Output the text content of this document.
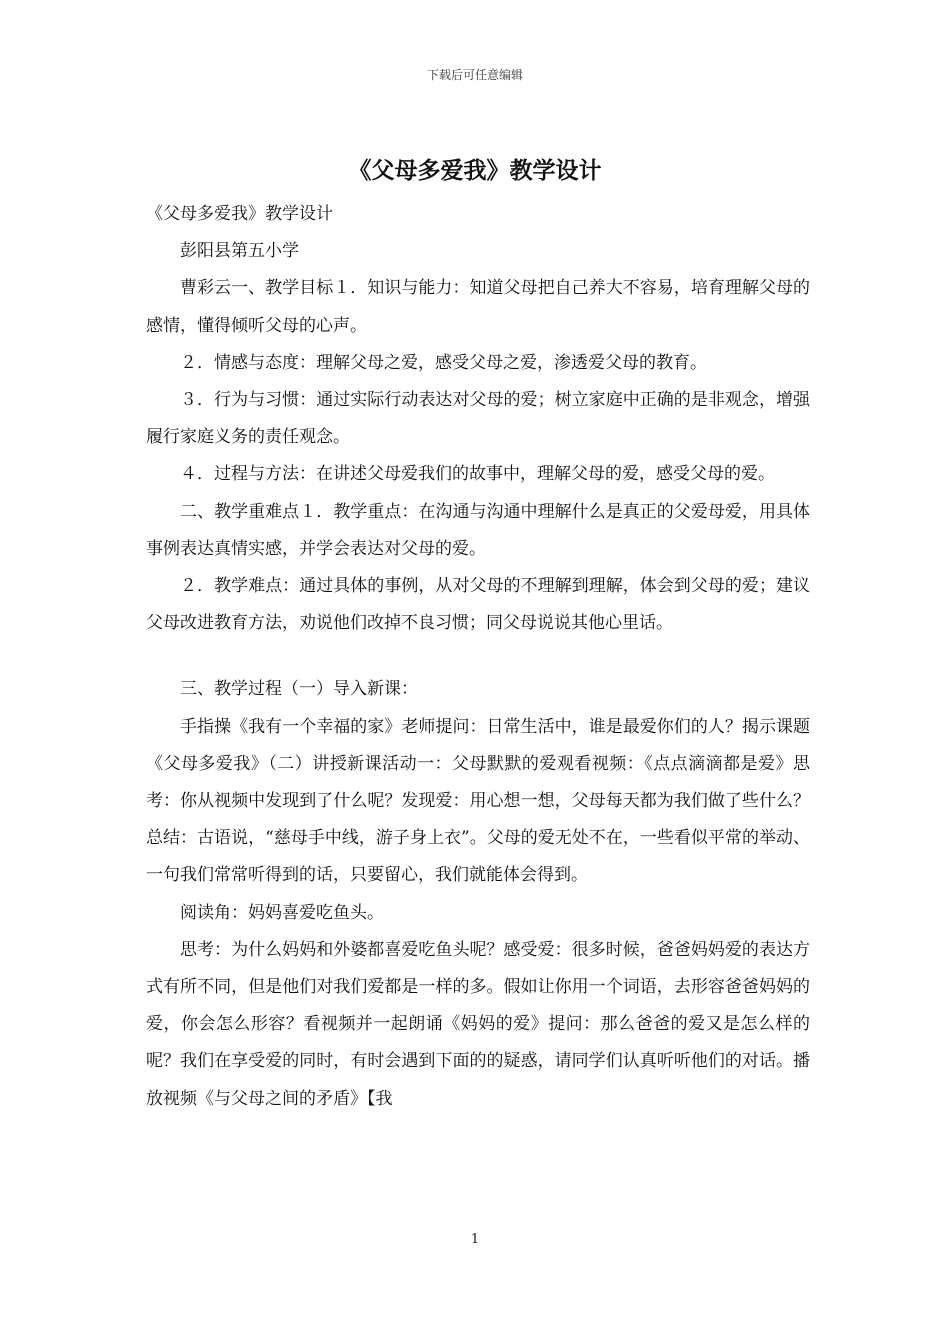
下载后可任意编辑
《父母多爱我》教学设计

《父母多爱我》教学设计

彭阳县第五小学

曹彩云一、教学目标１．知识与能力：知道父母把自己养大不容易，培育理解父母的感情，懂得倾听父母的心声。

２．情感与态度：理解父母之爱，感受父母之爱，渗透爱父母的教育。

３．行为与习惯：通过实际行动表达对父母的爱；树立家庭中正确的是非观念，增强履行家庭义务的责任观念。

４．过程与方法：在讲述父母爱我们的故事中，理解父母的爱，感受父母的爱。

二、教学重难点１．教学重点：在沟通与沟通中理解什么是真正的父爱母爱，用具体事例表达真情实感，并学会表达对父母的爱。

２．教学难点：通过具体的事例，从对父母的不理解到理解，体会到父母的爱；建议父母改进教育方法，劝说他们改掉不良习惯；同父母说说其他心里话。

三、教学过程（一）导入新课：

手指操《我有一个幸福的家》老师提问：日常生活中，谁是最爱你们的人？揭示课题《父母多爱我》（二）讲授新课活动一：父母默默的爱观看视频：《点点滴滴都是爱》思考：你从视频中发现到了什么呢？发现爱：用心想一想，父母每天都为我们做了些什么？总结：古语说，“慈母手中线，游子身上衣”。父母的爱无处不在，一些看似平常的举动、一句我们常常听得到的话，只要留心，我们就能体会得到。

阅读角：妈妈喜爱吃鱼头。

思考：为什么妈妈和外婆都喜爱吃鱼头呢？感受爱：很多时候，爸爸妈妈爱的表达方式有所不同，但是他们对我们爱都是一样的多。假如让你用一个词语，去形容爸爸妈妈的爱，你会怎么形容？看视频并一起朗诵《妈妈的爱》提问：那么爸爸的爱又是怎么样的呢？我们在享受爱的同时，有时会遇到下面的的疑惑，请同学们认真听听他们的对话。播放视频《与父母之间的矛盾》【我

1
